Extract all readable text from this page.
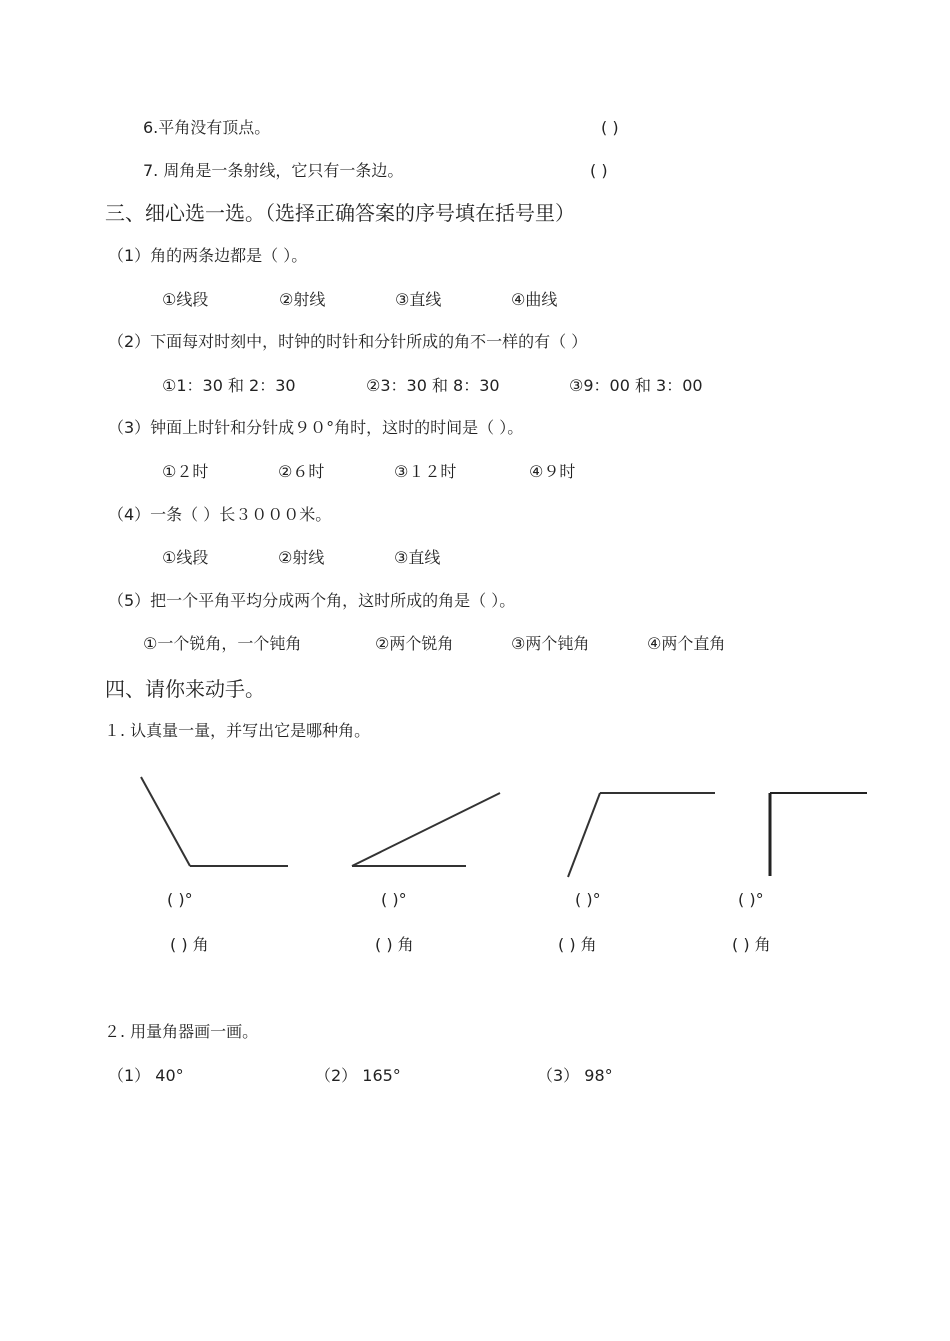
6.平角没有顶点。	( )
7. 周角是一条射线，它只有一条边。	( )
三、细心选一选。（选择正确答案的序号填在括号里）
（1）角的两条边都是（ ）。
①线段	②射线	③直线	④曲线
（2）下面每对时刻中，时钟的时针和分针所成的角不一样的有（ ）
①1：30 和 2：30	②3：30 和 8：30	③9：00 和 3：00
（3）钟面上时针和分针成９０°角时，这时的时间是（ ）。
①２时	②６时	③１２时	④９时
（4）一条（ ）长３０００米。
①线段	②射线	③直线
（5）把一个平角平均分成两个角，这时所成的角是（ ）。
①一个锐角，一个钝角	②两个锐角	③两个钝角	④两个直角
四、请你来动手。
１. 认真量一量，并写出它是哪种角。
( )°	( )°	( )°	( )°
( ) 角	( ) 角	( ) 角	( ) 角
２. 用量角器画一画。
（1） 40°	（2） 165°	（3） 98°
